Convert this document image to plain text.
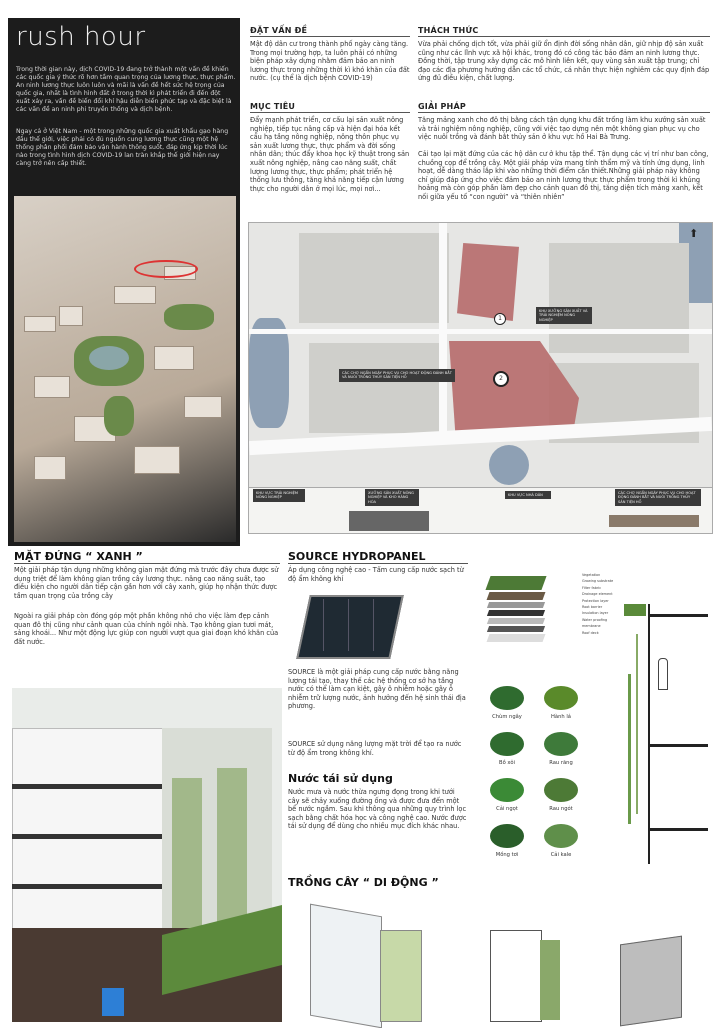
rush hour
Trong thời gian này, dịch COVID-19 đang trở thành một vấn đề khiến các quốc gia ý thức rõ hơn tầm quan trọng của lương thực, thực phẩm. An ninh lương thực luôn luôn và mãi là vấn đề hết sức hệ trọng của quốc gia, nhất là tình hình đất ở trong thời kì phát triển đi đến đột xuất xảy ra, vấn đề biến đổi khí hậu diễn biến phức tạp và đặc biệt là các vấn đề an ninh phi truyền thống và dịch bệnh.
Ngay cả ở Việt Nam - một trong những quốc gia xuất khẩu gạo hàng đầu thế giới, việc phải có đủ nguồn cung lương thực cũng một hệ thống phân phối đảm bảo vận hành thông suốt, đáp ứng kịp thời lúc nào trong tình hình dịch COVID-19 lan tràn khắp thế giới hiện nay càng trở nên cấp thiết.
ĐẶT VẤN ĐỀ
Mật độ dân cư trong thành phố ngày càng tăng. Trong mọi trường hợp, ta luôn phải có những biện pháp xây dựng nhằm đảm bảo an ninh lương thực trong những thời kì khó khăn của đất nước. (cụ thể là dịch bệnh COVID-19)
THÁCH THỨC
Vừa phải chống dịch tốt, vừa phải giữ ổn định đời sống nhân dân, giữ nhịp độ sản xuất cũng như các lĩnh vực xã hội khác, trong đó có công tác bảo đảm an ninh lương thực. Đồng thời, tập trung xây dựng các mô hình liên kết, quy vùng sản xuất tập trung; chỉ đạo các địa phương hướng dẫn các tổ chức, cá nhân thực hiện nghiêm các quy định đáp ứng đủ điều kiện, chất lượng.
MỤC TIÊU
Đẩy mạnh phát triển, cơ cấu lại sản xuất nông nghiệp, tiếp tục nâng cấp và hiện đại hóa kết cấu hạ tầng nông nghiệp, nông thôn phục vụ sản xuất lương thực, thực phẩm và đời sống nhân dân; thúc đẩy khoa học kỹ thuật trong sản xuất nông nghiệp, nâng cao năng suất, chất lượng lương thực, thực phẩm; phát triển hệ thống lưu thông, tăng khả năng tiếp cận lương thực cho người dân ở mọi lúc, mọi nơi...
GIẢI PHÁP
Tăng mảng xanh cho đô thị bằng cách tận dụng khu đất trống làm khu xưởng sản xuất và trải nghiệm nông nghiệp, cũng với việc tạo dựng nên một không gian phục vụ cho việc nuôi trồng và đánh bắt thủy sản ở khu vực hồ Hai Bà Trưng.
Cải tạo lại mặt đứng của các hộ dân cư ở khu tập thể. Tận dụng các vị trí như ban công, chuồng cọp để trồng cây. Một giải pháp vừa mang tính thẩm mỹ và tính ứng dụng, linh hoạt, dễ dàng tháo lắp khi vào những thời điểm cần thiết.Những giải pháp này không chỉ giúp đáp ứng cho việc đảm bảo an ninh lương thực thực phẩm trong thời kì khủng hoảng mà còn góp phần làm đẹp cho cảnh quan đô thị, tăng diện tích mảng xanh, kết nối giữa yếu tố “con người” và “thiên nhiên”
1
2
KHU XƯỞNG SẢN XUẤT VÀ TRẢI NGHIỆM NÔNG NGHIỆP
CÁC CHỢ NGẮN NGÀY PHỤC VỤ CHO HOẠT ĐỘNG ĐÁNH BẮT VÀ NUÔI TRỒNG THỦY SẢN TIỆN HỒ
KHU VỰC TRẢI NGHIỆM NÔNG NGHIỆP
XƯỞNG SẢN XUẤT NÔNG NGHIỆP VÀ KHO HÀNG HÓA
KHU VỰC NHÀ DÂN	CÁC CHỢ NGẮN NGÀY PHỤC VỤ CHO HOẠT ĐỘNG ĐÁNH BẮT VÀ NUÔI TRỒNG THỦY SẢN TIỆN HỒ
⬆
MẶT ĐỨNG “ XANH ”
Một giải pháp tận dụng những không gian mặt đứng mà trước đây chưa được sử dụng triệt để làm không gian trồng cây lương thực. nâng cao năng suất, tạo điều kiện cho người dân tiếp cận gần hơn với cây xanh, giúp họ nhận thức được tầm quan trọng của trồng cây
Ngoài ra giải pháp còn đóng góp một phần không nhỏ cho việc làm đẹp cảnh quan đô thị cũng như cảnh quan của chính ngôi nhà. Tạo không gian tươi mát, sảng khoái... Như một động lực giúp con người vượt qua giai đoạn khó khăn của đất nước.
SOURCE HYDROPANEL
Áp dụng công nghệ cao - Tấm cung cấp nước sạch từ độ ẩm không khí
SOURCE là một giải pháp cung cấp nước bằng năng lượng tái tạo, thay thế các hệ thống cơ sở hạ tầng nước có thể làm cạn kiệt, gây ô nhiễm hoặc gây ô nhiễm trữ lượng nước, ảnh hưởng đến hệ sinh thái địa phương.
SOURCE sử dụng năng lượng mặt trời để tạo ra nước từ độ ẩm trong không khí.
Nước tái sử dụng
Nước mưa và nước thừa ngưng đọng trong khi tưới cây sẽ chảy xuống đường ống và được đưa đến một bể nước ngầm. Sau khi thông qua những quy trình lọc sạch bằng chất hóa học và công nghệ cao. Nước được tái sử dụng để dùng cho nhiều mục đích khác nhau.
Vegetation
Growing substrate
Filter fabric
Drainage element
Protection layer
Root barrier
Insulation layer
Water proofing membrane
Roof deck
Chùm ngây	Hành lá
Bồ xôi	Rau răng
Cải ngọt	Rau ngót
Mồng tơi	Cải kale
TRỒNG CÂY “ DI ĐỘNG ”
